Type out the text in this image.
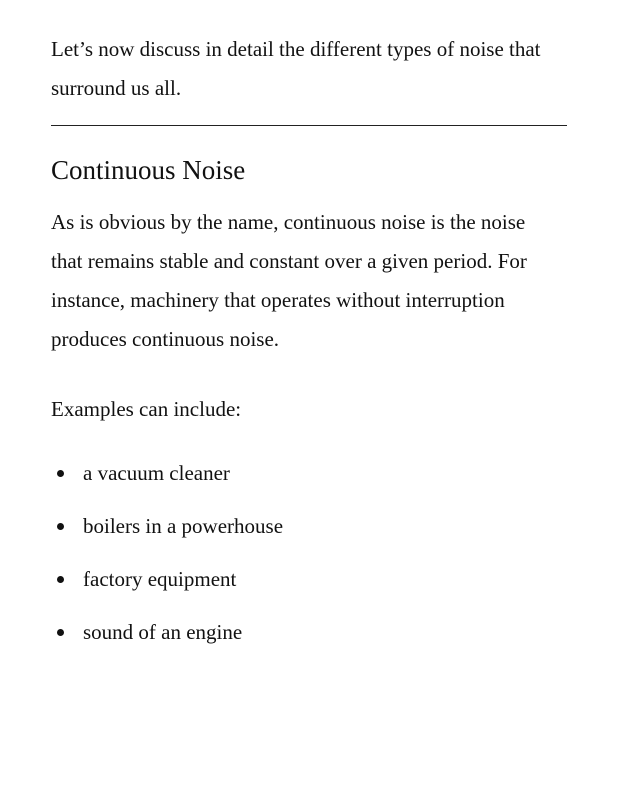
Let’s now discuss in detail the different types of noise that surround us all.

Continuous Noise

As is obvious by the name, continuous noise is the noise that remains stable and constant over a given period. For instance, machinery that operates without interruption produces continuous noise.

Examples can include:

a vacuum cleaner
boilers in a powerhouse
factory equipment
sound of an engine
